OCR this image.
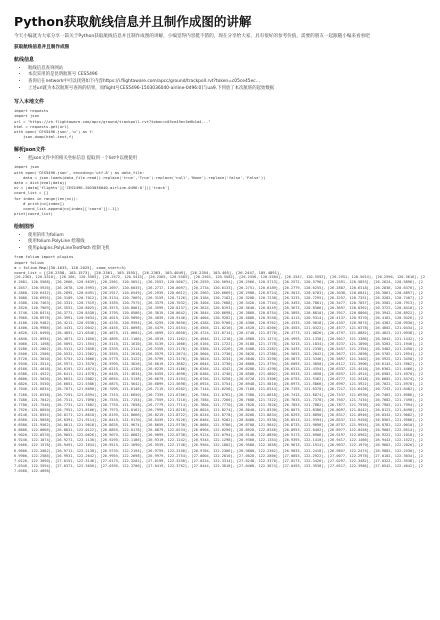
Python获取航线信息并且制作成图的讲解

今天小编就为大家分享一篇关于Python获取航线信息并且制作成图的讲解，小编觉得内容挺不错的，现在分享给大家，具有很好的参考价值，需要的朋友一起跟随小编来看看吧

获取航线信息并且制作成图
航线信息
• 航线信息查询网站
• 本次采用的是昆明航班号 CES5496
• 查询后在network中可以找到如下内容https://i.flightaware.com/apcc/ground/trackpoll.rvt?token=c05ce45ec...
• 上述url就为本次航班号查询的结果，而flight号CES5496-1503036040-airline-0496:0]与ua9.下到放了本次航班的起始数据
写入本地文件
import requests
import json
url = "https://zh.flightaware.com/apcc/ground/trackpoll.rvt?token=c05ce45ec5e6b1a4..."
html = requests.get(url)
with open('CES5496.json','w') as f:
json.dump(html.text,f)
解析json文件
• 把json文件中的相关坐标信息 提取到一个list中以便使用
import json
with open('CES5496.json', encoding='utf-8') as data_file:
data = json.loads(data_file.read().replace('true','True').replace('null','None').replace('false','False'))
data = dict(eval(data))
nv = (data['flights']['CES5496-1503036040-airline-0496:0'])['track']
coord_list = []
for index in range(len(nv)):
# print(nv[index])
coord_list.append(nv[index]['coord'][:-1])
print(coord_list)
绘制图形
• 使用的库为folium
• 使用folium.PolyLine 绘制线
• 使用plugins.PolyLineTextPath 绘制飞机
from folium import plugins
import folium
m = folium.Map([30.1633, 120.2025], zoom_start=5)
coord_list = [[26.2358, 103.1573], [26.2361, 103.1555], [26.2363, 103.4049], [26.2354, 103.405], [26.2447, 105.4891],
[26.2363, 120.5518], [26.266, 120.5583], [26.2572, 120.5415], [26.2565, 120.5583], [26.2561, 120.5582], [26.2556, 120.5584], [26.2547, 120.5592], [26.2551, 120.5614], [26.2596, 120.5616], [26.2681, 120.5588], [26.2666, 120.5639], [26.2561, 120.5651], [26.2553, 120.5667], [26.2559, 120.5694], [26.2566, 120.5713], [26.2572, 120.5796], [26.2591, 120.5853], [26.2624, 120.5896], [26.2657, 120.5926], [26.2678, 120.5993], [26.2697, 120.6035], [26.2717, 120.6097], [26.2734, 120.6133], [26.2751, 120.6189], [26.2779, 120.6255], [26.2807, 120.6318], [26.2838, 120.6376], [26.2868, 120.6432], [26.2895, 120.6491], [26.2917, 120.6549], [26.2939, 120.6612], [26.2963, 120.6669], [26.2988, 120.6724], [26.3013, 120.6783], [26.3038, 120.6841], [26.3061, 120.6897], [26.3086, 120.6955], [26.3109, 120.7012], [26.3134, 120.7069], [26.3159, 120.7126], [26.3184, 120.7182], [26.3208, 120.7238], [26.3233, 120.7295], [26.3257, 120.7351], [26.3282, 120.7407], [26.3306, 120.7463], [26.3331, 120.7519], [26.3355, 120.7575], [26.3379, 120.7632], [26.3404, 120.7688], [26.3428, 120.7744], [26.3453, 120.7801], [26.3477, 120.7857], [26.3502, 120.7913], [26.3526, 120.7969], [26.3551, 120.8025], [26.3575, 120.8081], [26.3599, 120.8137], [26.3624, 120.8193], [26.3648, 120.8249], [26.3673, 120.8306], [26.3697, 120.8362], [26.3722, 120.8418], [26.3746, 120.8474], [26.3771, 120.8530], [26.3795, 120.8586], [26.3819, 120.8642], [26.3844, 120.8698], [26.3868, 120.8754], [26.3893, 120.8810], [26.3917, 120.8866], [26.3942, 120.8922], [26.3966, 120.8978], [26.3991, 120.9034], [26.4015, 120.9090], [26.4039, 120.9146], [26.4064, 120.9202], [26.4088, 120.9258], [26.4113, 120.9314], [26.4137, 120.9370], [26.4162, 120.9426], [26.4186, 120.9482], [26.4211, 120.9538], [26.4235, 120.9594], [26.4259, 120.9650], [26.4284, 120.9706], [26.4308, 120.9762], [26.4333, 120.9818], [26.4357, 120.9874], [26.4382, 120.9930], [26.4406, 120.9986], [26.4431, 121.0042], [26.4455, 121.0098], [26.4479, 121.0154], [26.4504, 121.0210], [26.4528, 121.0266], [26.4553, 121.0322], [26.4577, 121.0378], [26.4602, 121.0434], [26.4626, 121.0490], [26.4651, 121.0546], [26.4675, 121.0602], [26.4699, 121.0658], [26.4724, 121.0714], [26.4748, 121.0770], [26.4773, 121.0826], [26.4797, 121.0882], [26.4822, 121.0938], [26.4846, 121.0994], [26.4871, 121.1050], [26.4895, 121.1106], [26.4919, 121.1162], [26.4944, 121.1218], [26.4968, 121.1274], [26.4993, 121.1330], [26.5017, 121.1386], [26.5042, 121.1442], [26.5066, 121.1498], [26.5091, 121.1554], [26.5115, 121.1610], [26.5139, 121.1666], [26.5164, 121.1722], [26.5188, 121.1778], [26.5213, 121.1834], [26.5237, 121.1890], [26.5262, 121.1946], [26.5286, 121.2002], [26.5311, 121.2058], [26.5335, 121.2114], [26.5359, 121.2170], [26.5384, 121.2226], [26.5408, 121.2282], [26.5433, 121.2338], [26.5457, 121.2394], [26.5482, 121.2450], [26.5506, 121.2506], [26.5531, 121.2562], [26.5555, 121.2618], [26.5579, 121.2674], [26.5604, 121.2730], [26.5628, 121.2786], [26.5653, 121.2842], [26.5677, 121.2898], [26.5702, 121.2954], [26.5726, 121.3010], [26.5751, 121.3066], [26.5775, 121.3122], [26.5799, 121.3178], [26.5824, 121.3234], [26.5848, 121.3290], [26.5873, 121.3346], [26.5897, 121.3402], [26.5922, 121.3458], [26.5946, 121.3514], [26.5971, 121.3570], [26.5995, 121.3626], [26.6019, 121.3682], [26.6044, 121.3738], [26.6068, 121.3794], [26.6093, 121.3850], [26.6117, 121.3906], [26.6142, 121.3962], [26.6166, 121.4018], [26.6191, 121.4074], [26.6215, 121.4130], [26.6239, 121.4186], [26.6264, 121.4242], [26.6288, 121.4298], [26.6313, 121.4354], [26.6337, 121.4410], [26.6362, 121.4466], [26.6386, 121.4522], [26.6411, 121.4578], [26.6435, 121.4634], [26.6459, 121.4690], [26.6484, 121.4746], [26.6508, 121.4802], [26.6533, 121.4858], [26.6557, 121.4914], [26.6582, 121.4970], [26.6606, 121.5026], [26.6631, 121.5082], [26.6655, 121.5138], [26.6679, 121.5194], [26.6704, 121.5250], [26.6728, 121.5306], [26.6753, 121.5362], [26.6777, 121.5418], [26.6802, 121.5474], [26.6826, 121.5530], [26.6851, 121.5586], [26.6875, 121.5642], [26.6899, 121.5698], [26.6924, 121.5754], [26.6948, 121.5810], [26.6973, 121.5866], [26.6997, 121.5922], [26.7022, 121.5978], [26.7046, 121.6034], [26.7071, 121.6090], [26.7095, 121.6146], [26.7119, 121.6202], [26.7144, 121.6258], [26.7168, 121.6314], [26.7193, 121.6370], [26.7217, 121.6426], [26.7242, 121.6482], [26.7266, 121.6538], [26.7291, 121.6594], [26.7315, 121.6650], [26.7339, 121.6706], [26.7364, 121.6762], [26.7388, 121.6818], [26.7413, 121.6874], [26.7437, 121.6930], [26.7462, 121.6986], [26.7486, 121.7042], [26.7511, 121.7098], [26.7535, 121.7154], [26.7559, 121.7210], [26.7584, 121.7266], [26.7608, 121.7322], [26.7633, 121.7378], [26.7657, 121.7434], [26.7682, 121.7490], [26.7706, 121.7546], [26.7731, 121.7602], [26.7755, 121.7658], [26.7779, 121.7714], [26.7804, 121.7770], [26.7828, 121.7826], [26.7853, 121.7882], [26.7877, 121.7938], [26.7902, 121.7994], [26.7926, 121.8050], [26.7951, 121.8106], [26.7975, 121.8162], [26.7999, 121.8218], [26.8024, 121.8274], [26.8048, 121.8330], [26.8073, 121.8386], [26.8097, 121.8442], [26.8122, 121.8498], [26.8146, 121.8554], [26.8171, 121.8610], [26.8195, 121.8666], [26.8219, 121.8722], [26.8244, 121.8778], [26.8268, 121.8834], [26.8293, 121.8890], [26.8317, 121.8946], [26.8342, 121.9002], [26.8366, 121.9058], [26.8391, 121.9114], [26.8415, 121.9170], [26.8439, 121.9226], [26.8464, 121.9282], [26.8488, 121.9338], [26.8513, 121.9394], [26.8537, 121.9450], [26.8562, 121.9506], [26.8586, 121.9562], [26.8611, 121.9618], [26.8635, 121.9674], [26.8659, 121.9730], [26.8684, 121.9786], [26.8708, 121.9842], [26.8733, 121.9898], [26.8757, 121.9954], [26.8782, 122.0010], [26.8806, 122.0066], [26.8831, 122.0122], [26.8855, 122.0178], [26.8879, 122.0234], [26.8904, 122.0290], [26.8928, 122.0346], [26.8953, 122.0402], [26.8977, 122.0458], [26.9002, 122.0514], [26.9026, 122.0570], [26.9051, 122.0626], [26.9075, 122.0682], [26.9099, 122.0738], [26.9124, 122.0794], [26.9148, 122.0850], [26.9173, 122.0906], [26.9197, 122.0962], [26.9222, 122.1018], [26.9246, 122.1074], [26.9271, 122.1130], [26.9295, 122.1186], [26.9319, 122.1242], [26.9344, 122.1298], [26.9368, 122.1354], [26.9393, 122.1410], [26.9417, 122.1466], [26.9442, 122.1522], [26.9466, 122.1578], [26.9491, 122.1634], [26.9515, 122.1690], [26.9539, 122.1746], [26.9564, 122.1802], [26.9588, 122.1858], [26.9613, 122.1914], [26.9637, 122.1970], [26.9662, 122.2026], [26.9686, 122.2082], [26.9711, 122.2138], [26.9735, 122.2194], [26.9759, 122.2250], [26.9784, 122.2306], [26.9808, 122.2362], [26.9833, 122.2418], [26.9857, 122.2474], [26.9882, 122.2530], [26.9906, 122.2586], [26.9931, 122.2642], [26.9955, 122.2698], [26.9979, 122.2754], [27.0004, 122.2810], [27.0028, 122.2866], [27.0053, 122.2922], [27.0077, 122.2978], [27.0102, 122.3034], [27.0126, 122.3090], [27.0151, 122.3146], [27.0175, 122.3202], [27.0199, 122.3258], [27.0224, 122.3314], [27.0248, 122.3370], [27.0273, 122.3426], [27.0297, 122.3482], [27.0322, 122.3538], [27.0346, 122.3594], [27.0371, 122.3650], [27.0395, 122.3706], [27.0419, 122.3762], [27.0444, 122.3818], [27.0468, 122.3874], [27.0493, 122.3930], [27.0517, 122.3986], [27.0542, 122.4042], [27.0566, 122.4098]
